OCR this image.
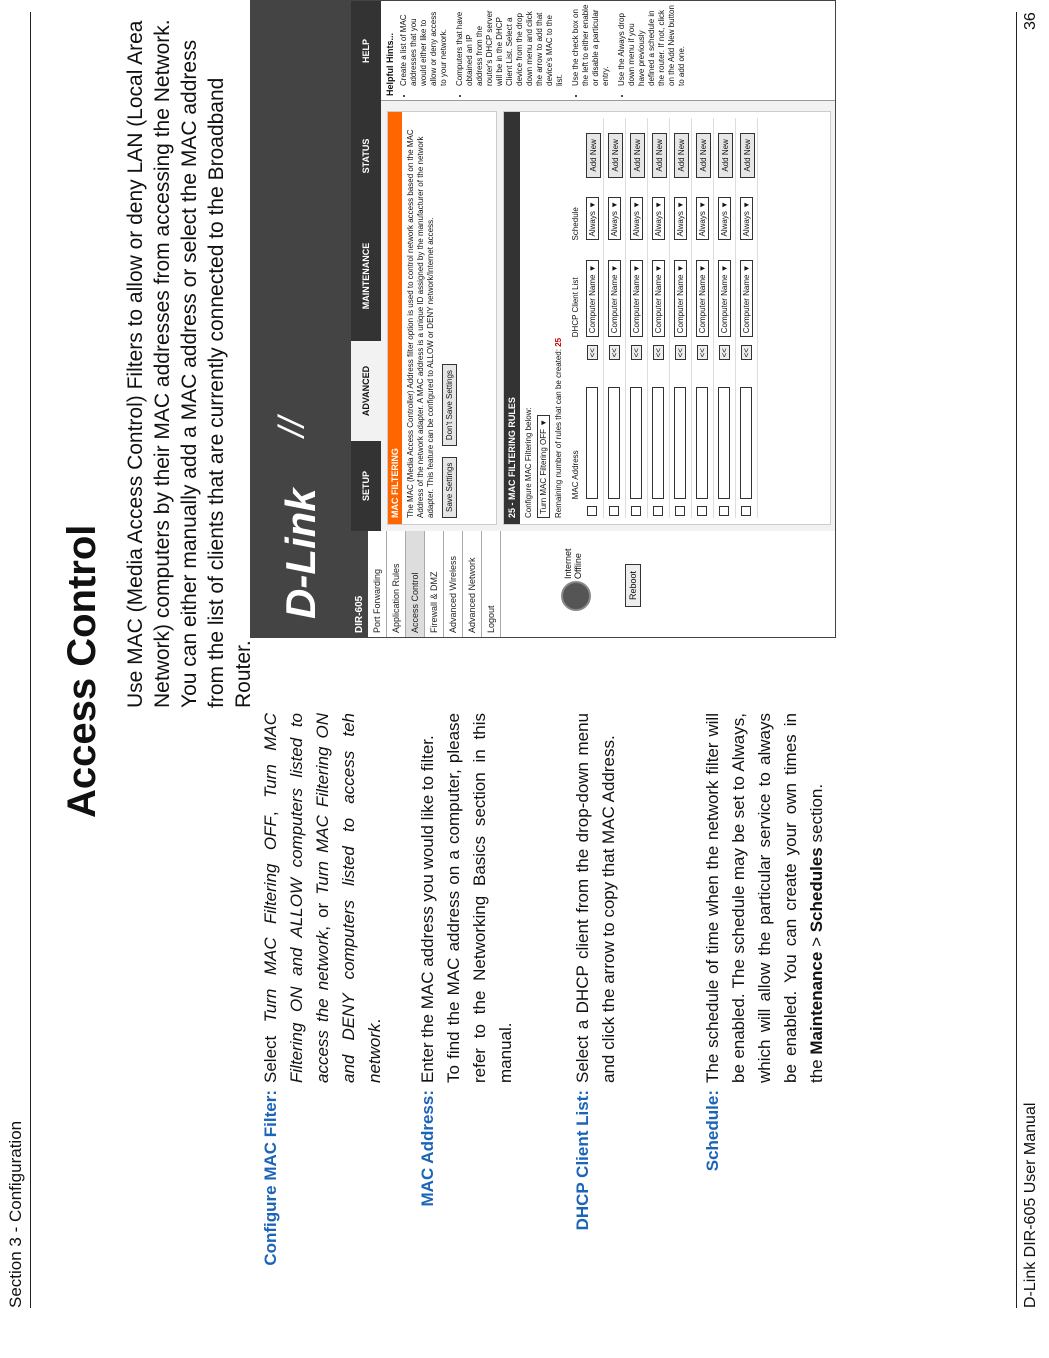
Section 3 - Configuration
Access Control Use MAC (Media Access Control) Filters to allow or deny LAN (Local Area Network) computers by their MAC addresses from accessing the Network. You can either manually add a MAC address or select the MAC address from the list of clients that are currently connected to the Broadband Router.
Configure MAC Filter:

Select Turn MAC Filtering OFF, Turn MAC Filtering ON and ALLOW computers listed to access the network, or Turn MAC Filtering ON and DENY computers listed to access teh network.

MAC Address:

Enter the MAC address you would like to filter. To find the MAC address on a computer, please refer to the Networking Basics section in this manual.

DHCP Client List:

Select a DHCP client from the drop-down menu and click the arrow to copy that MAC Address.

Schedule:

The schedule of time when the network filter will be enabled. The schedule may be set to Always, which will allow the particular service to always be enabled. You can create your own times in the Maintenance > Schedules section.

D-Link
//
DIR-605 Port Forwarding	Application Rules	Access Control	Firewall & DMZ	Advanced Wireless	Advanced Network	Logout
Internet Offline
Reboot
SETUP
ADVANCED
MAINTENANCE
STATUS
HELP
MAC FILTERING The MAC (Media Access Controller) Address filter option is used to control network access based on the MAC Address of the network adapter. A MAC address is a unique ID assigned by the manufacturer of the network adapter. This feature can be configured to ALLOW or DENY network/Internet access.	Save Settings Don't Save Settings	25 - MAC FILTERING RULES Configure MAC Filtering below: Turn MAC Filtering OFF ▼ Remaining number of rules that can be created: 25
	MAC Address		DHCP Client List	Schedule	
		<<	Computer Name ▼	Always ▼	Add New
		<<	Computer Name ▼	Always ▼	Add New
		<<	Computer Name ▼	Always ▼	Add New
		<<	Computer Name ▼	Always ▼	Add New
		<<	Computer Name ▼	Always ▼	Add New
		<<	Computer Name ▼	Always ▼	Add New
		<<	Computer Name ▼	Always ▼	Add New
		<<	Computer Name ▼	Always ▼	Add New
Helpful Hints... • Create a list of MAC addresses that you would either like to allow or deny access to your network. • Computers that have obtained an IP address from the router's DHCP server will be in the DHCP Client List. Select a device from the drop down menu and click the arrow to add that device's MAC to the list. • Use the check box on the left to either enable or disable a particular entry. • Use the Always drop down menu if you have previously defined a schedule in the router. If not, click on the Add New button to add one.
D-Link DIR-605 User Manual
36
